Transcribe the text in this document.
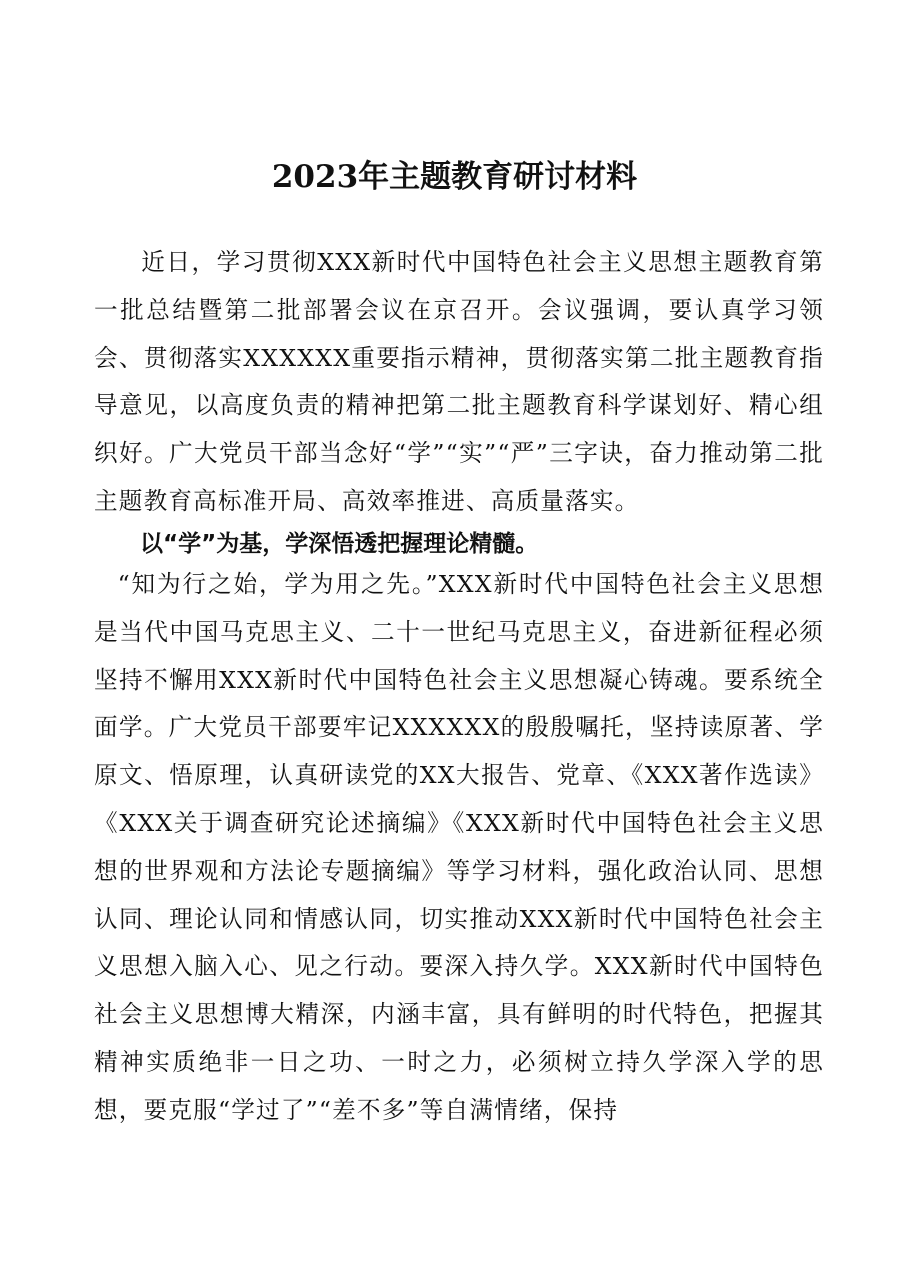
2023年主题教育研讨材料

近日，学习贯彻XXX新时代中国特色社会主义思想主题教育第一批总结暨第二批部署会议在京召开。会议强调，要认真学习领会、贯彻落实XXXXXX重要指示精神，贯彻落实第二批主题教育指导意见，以高度负责的精神把第二批主题教育科学谋划好、精心组织好。广大党员干部当念好“学”“实”“严”三字诀，奋力推动第二批主题教育高标准开局、高效率推进、高质量落实。

以“学”为基，学深悟透把握理论精髓。

“知为行之始，学为用之先。”XXX新时代中国特色社会主义思想是当代中国马克思主义、二十一世纪马克思主义，奋进新征程必须坚持不懈用XXX新时代中国特色社会主义思想凝心铸魂。要系统全面学。广大党员干部要牢记XXXXXX的殷殷嘱托，坚持读原著、学原文、悟原理，认真研读党的XX大报告、党章、《XXX著作选读》《XXX关于调查研究论述摘编》《XXX新时代中国特色社会主义思想的世界观和方法论专题摘编》等学习材料，强化政治认同、思想认同、理论认同和情感认同，切实推动XXX新时代中国特色社会主义思想入脑入心、见之行动。要深入持久学。XXX新时代中国特色社会主义思想博大精深，内涵丰富，具有鲜明的时代特色，把握其精神实质绝非一日之功、一时之力，必须树立持久学深入学的思想，要克服“学过了”“差不多”等自满情绪，保持
